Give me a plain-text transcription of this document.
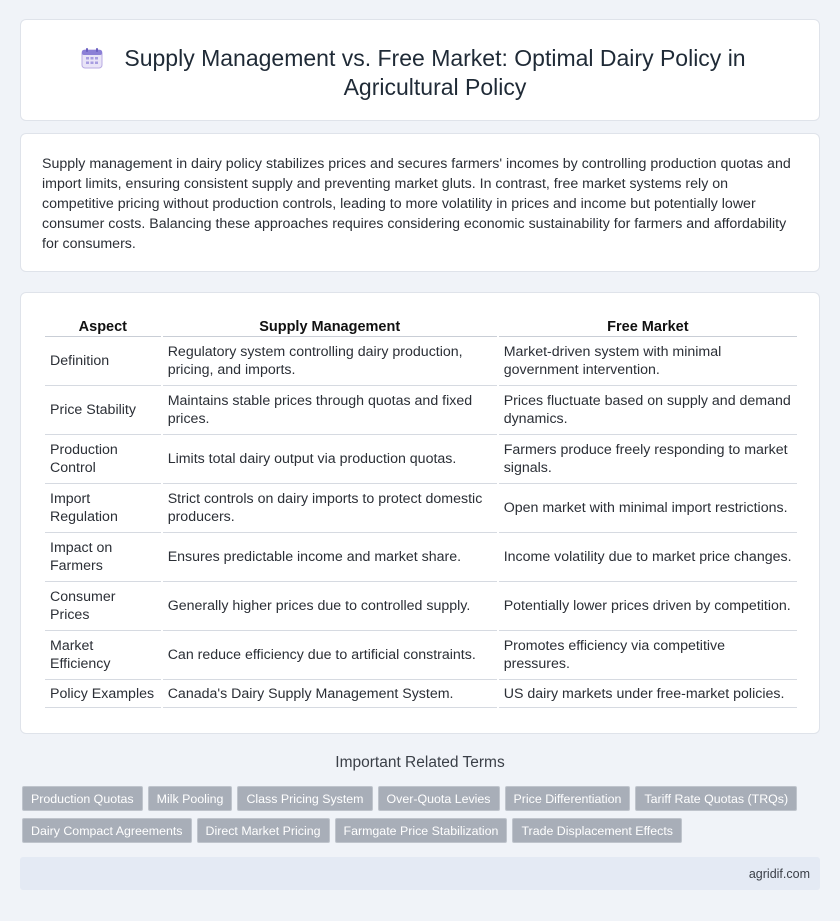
Supply Management vs. Free Market: Optimal Dairy Policy in Agricultural Policy

Supply management in dairy policy stabilizes prices and secures farmers' incomes by controlling production quotas and import limits, ensuring consistent supply and preventing market gluts. In contrast, free market systems rely on competitive pricing without production controls, leading to more volatility in prices and income but potentially lower consumer costs. Balancing these approaches requires considering economic sustainability for farmers and affordability for consumers.

Aspect	Supply Management	Free Market
Definition	Regulatory system controlling dairy production, pricing, and imports.	Market-driven system with minimal government intervention.
Price Stability	Maintains stable prices through quotas and fixed prices.	Prices fluctuate based on supply and demand dynamics.
Production Control	Limits total dairy output via production quotas.	Farmers produce freely responding to market signals.
Import Regulation	Strict controls on dairy imports to protect domestic producers.	Open market with minimal import restrictions.
Impact on Farmers	Ensures predictable income and market share.	Income volatility due to market price changes.
Consumer Prices	Generally higher prices due to controlled supply.	Potentially lower prices driven by competition.
Market Efficiency	Can reduce efficiency due to artificial constraints.	Promotes efficiency via competitive pressures.
Policy Examples	Canada's Dairy Supply Management System.	US dairy markets under free-market policies.
Important Related Terms
Production Quotas Milk Pooling Class Pricing System Over-Quota Levies Price Differentiation Tariff Rate Quotas (TRQs)
Dairy Compact Agreements Direct Market Pricing Farmgate Price Stabilization Trade Displacement Effects
agridif.com
